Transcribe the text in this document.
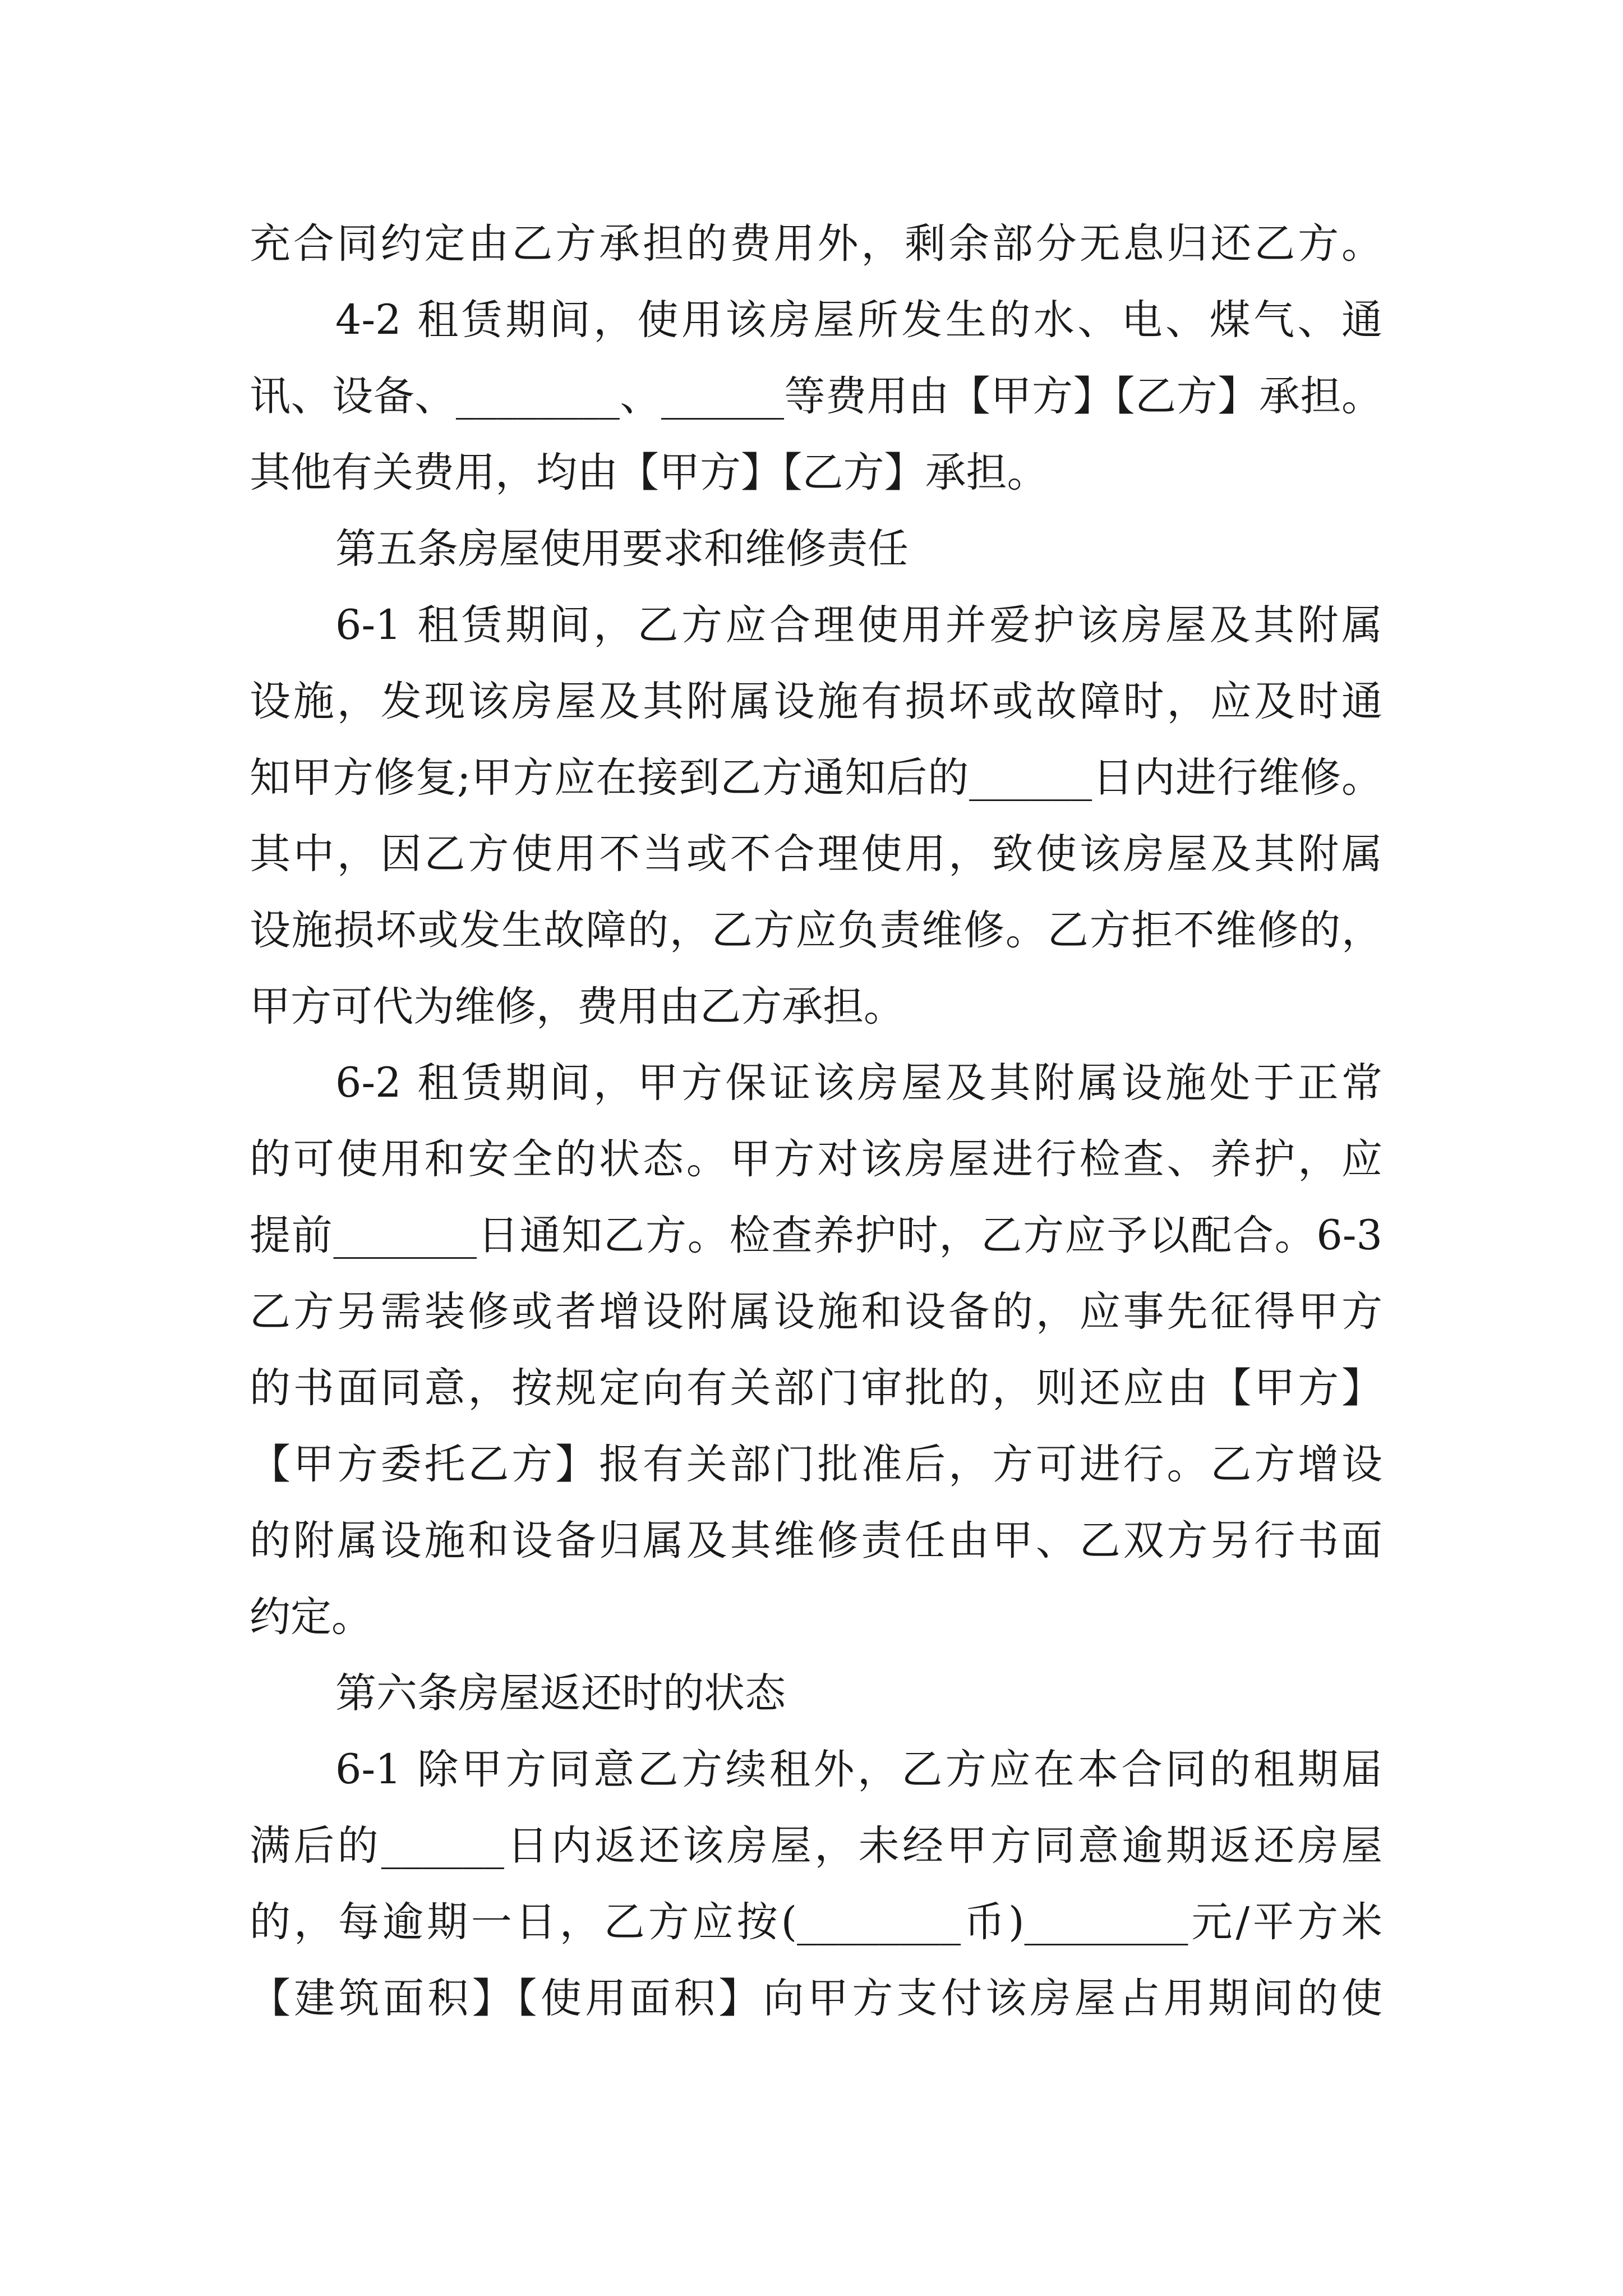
充合同约定由乙方承担的费用外，剩余部分无息归还乙方。
4-2 租赁期间，使用该房屋所发生的水、电、煤气、通
讯、设备、________、______等费用由【甲方】【乙方】承担。
其他有关费用，均由【甲方】【乙方】承担。
第五条房屋使用要求和维修责任
6-1 租赁期间，乙方应合理使用并爱护该房屋及其附属
设施，发现该房屋及其附属设施有损坏或故障时，应及时通
知甲方修复;甲方应在接到乙方通知后的______日内进行维修。
其中，因乙方使用不当或不合理使用，致使该房屋及其附属
设施损坏或发生故障的，乙方应负责维修。乙方拒不维修的，
甲方可代为维修，费用由乙方承担。
6-2 租赁期间，甲方保证该房屋及其附属设施处于正常
的可使用和安全的状态。甲方对该房屋进行检查、养护，应
提前_______日通知乙方。检查养护时，乙方应予以配合。6-3
乙方另需装修或者增设附属设施和设备的，应事先征得甲方
的书面同意，按规定向有关部门审批的，则还应由【甲方】
【甲方委托乙方】报有关部门批准后，方可进行。乙方增设
的附属设施和设备归属及其维修责任由甲、乙双方另行书面
约定。
第六条房屋返还时的状态
6-1 除甲方同意乙方续租外，乙方应在本合同的租期届
满后的______日内返还该房屋，未经甲方同意逾期返还房屋
的，每逾期一日，乙方应按(________币)________元/平方米
【建筑面积】【使用面积】向甲方支付该房屋占用期间的使
